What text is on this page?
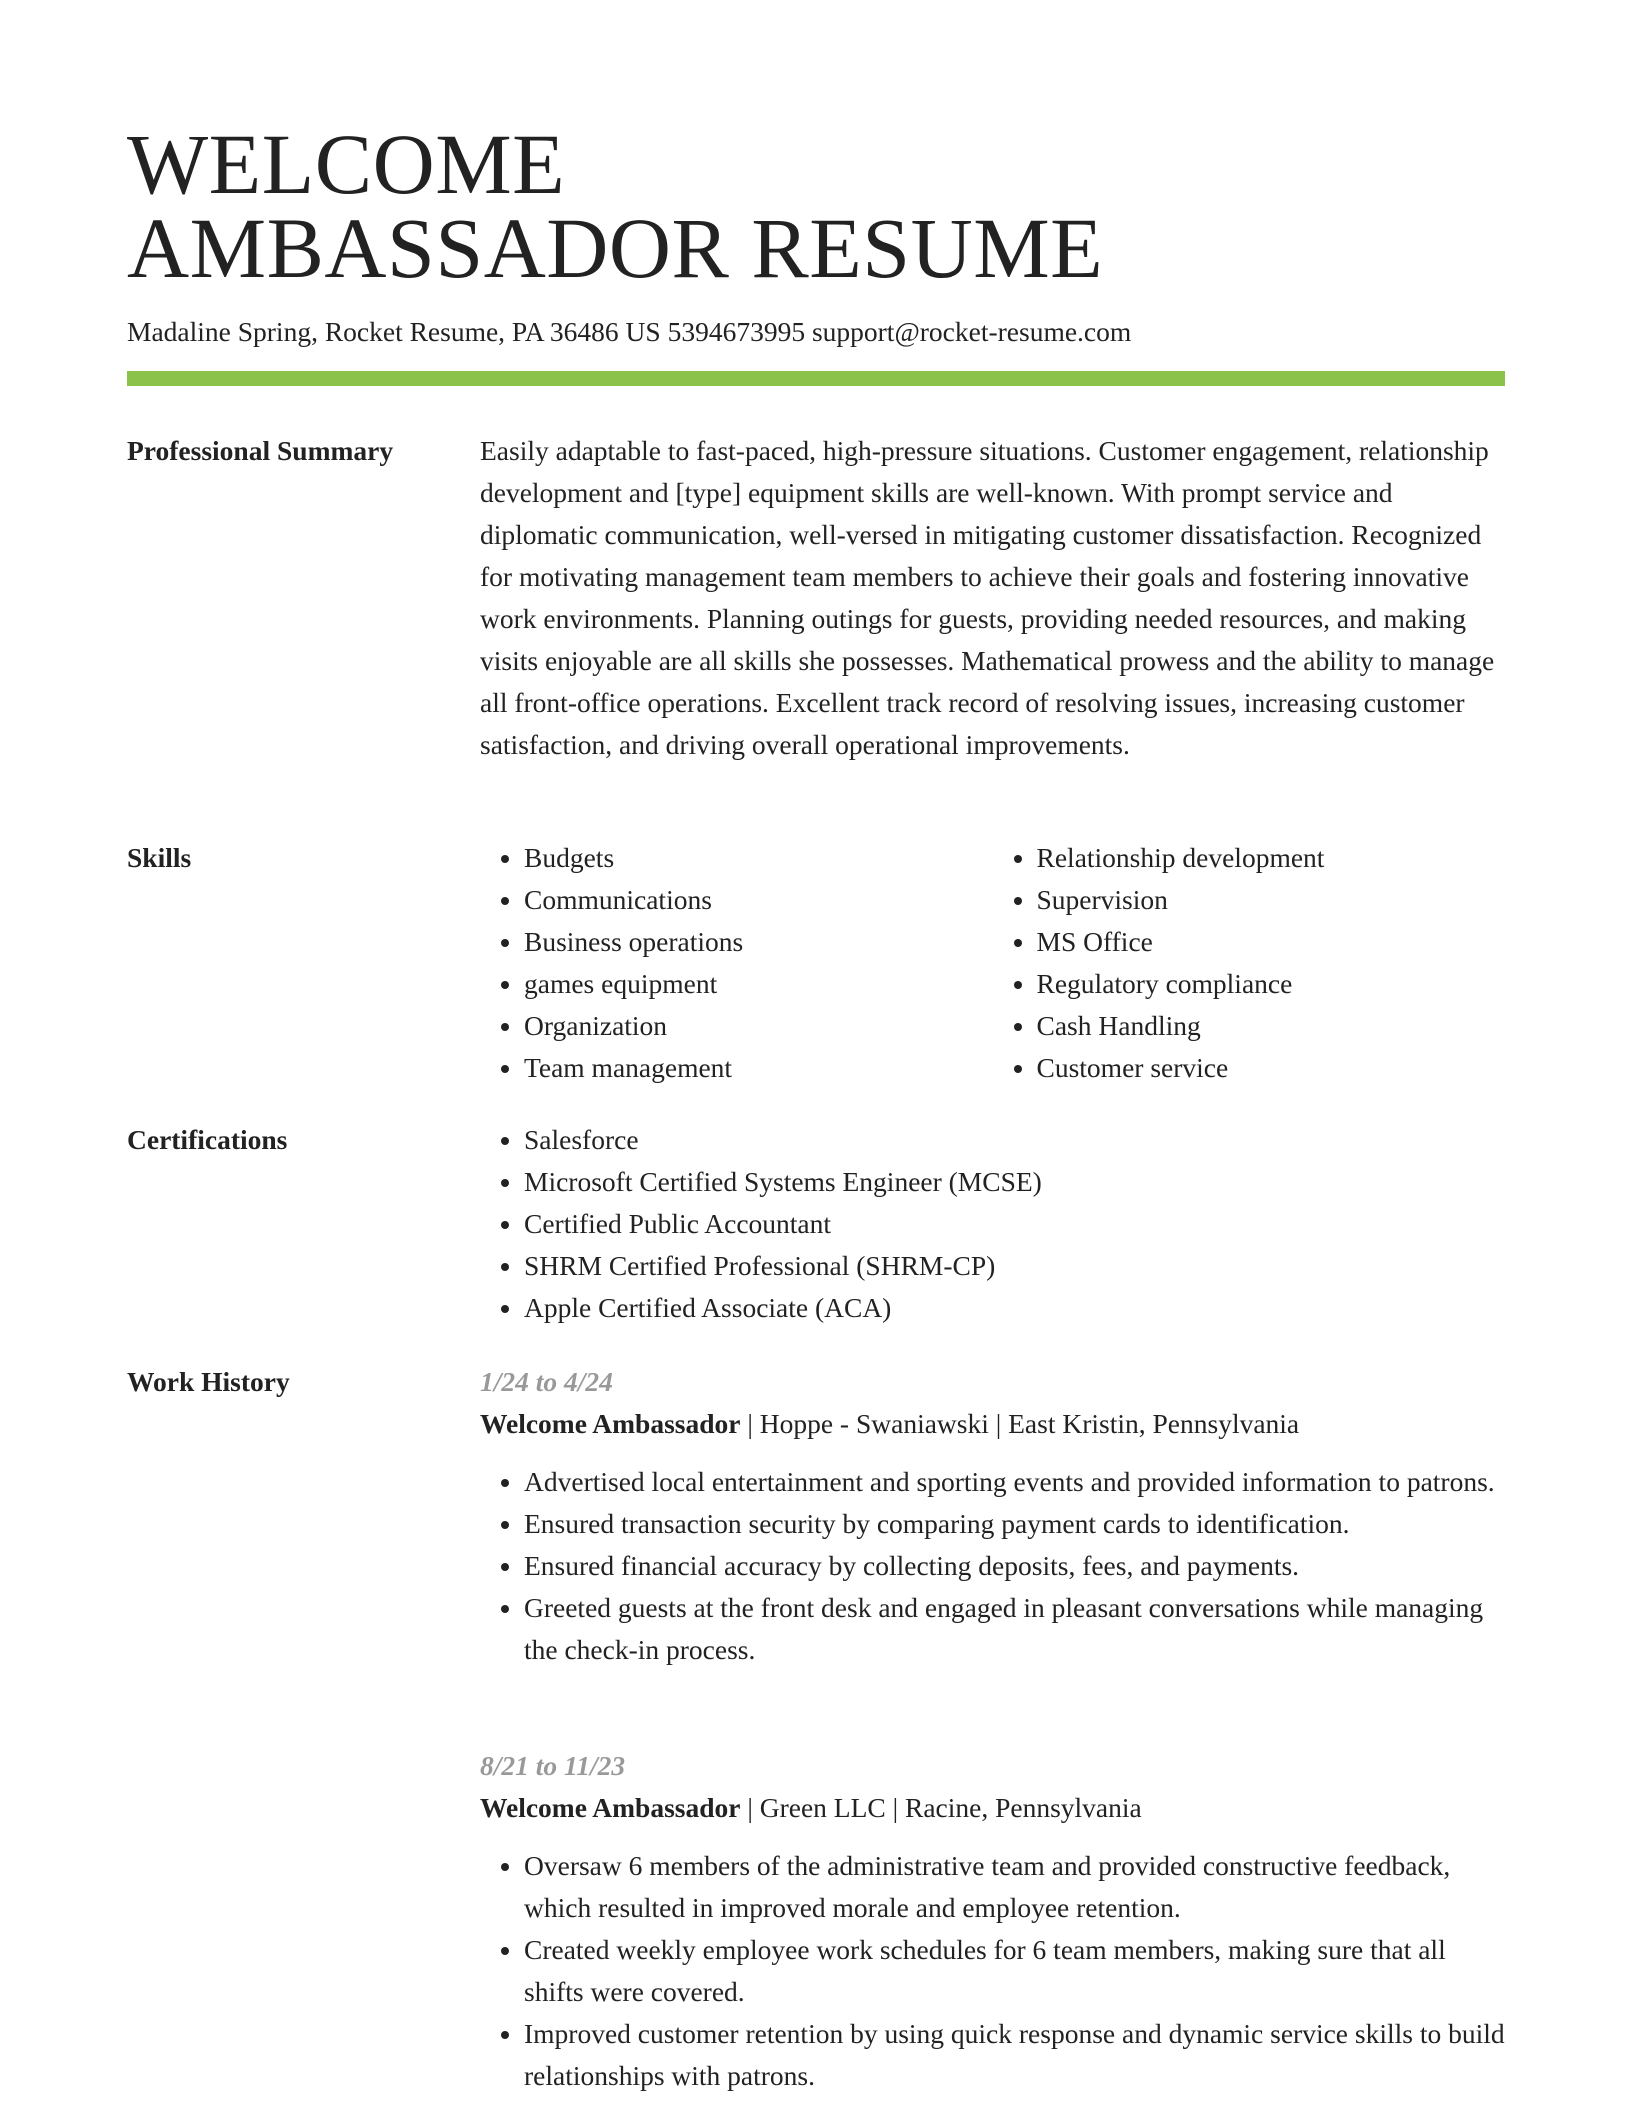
WELCOME
AMBASSADOR RESUME
Madaline Spring, Rocket Resume, PA 36486 US 5394673995 support@rocket-resume.com
Professional Summary	Easily adaptable to fast-paced, high-pressure situations. Customer engagement, relationship development and [type] equipment skills are well-known. With prompt service and diplomatic communication, well-versed in mitigating customer dissatisfaction. Recognized for motivating management team members to achieve their goals and fostering innovative work environments. Planning outings for guests, providing needed resources, and making visits enjoyable are all skills she possesses. Mathematical prowess and the ability to manage all front-office operations. Excellent track record of resolving issues, increasing customer satisfaction, and driving overall operational improvements.

Skills	• Budgets
• Communications
• Business operations
• games equipment
• Organization
• Team management
• Relationship development
• Supervision
• MS Office
• Regulatory compliance
• Cash Handling
• Customer service
Certifications	• Salesforce
• Microsoft Certified Systems Engineer (MCSE)
• Certified Public Accountant
• SHRM Certified Professional (SHRM-CP)
• Apple Certified Associate (ACA)
Work History	1/24 to 4/24
Welcome Ambassador | Hoppe - Swaniawski | East Kristin, Pennsylvania
• Advertised local entertainment and sporting events and provided information to patrons.
• Ensured transaction security by comparing payment cards to identification.
• Ensured financial accuracy by collecting deposits, fees, and payments.
• Greeted guests at the front desk and engaged in pleasant conversations while managing the check-in process.
8/21 to 11/23
Welcome Ambassador | Green LLC | Racine, Pennsylvania
• Oversaw 6 members of the administrative team and provided constructive feedback, which resulted in improved morale and employee retention.
• Created weekly employee work schedules for 6 team members, making sure that all shifts were covered.
• Improved customer retention by using quick response and dynamic service skills to build relationships with patrons.
